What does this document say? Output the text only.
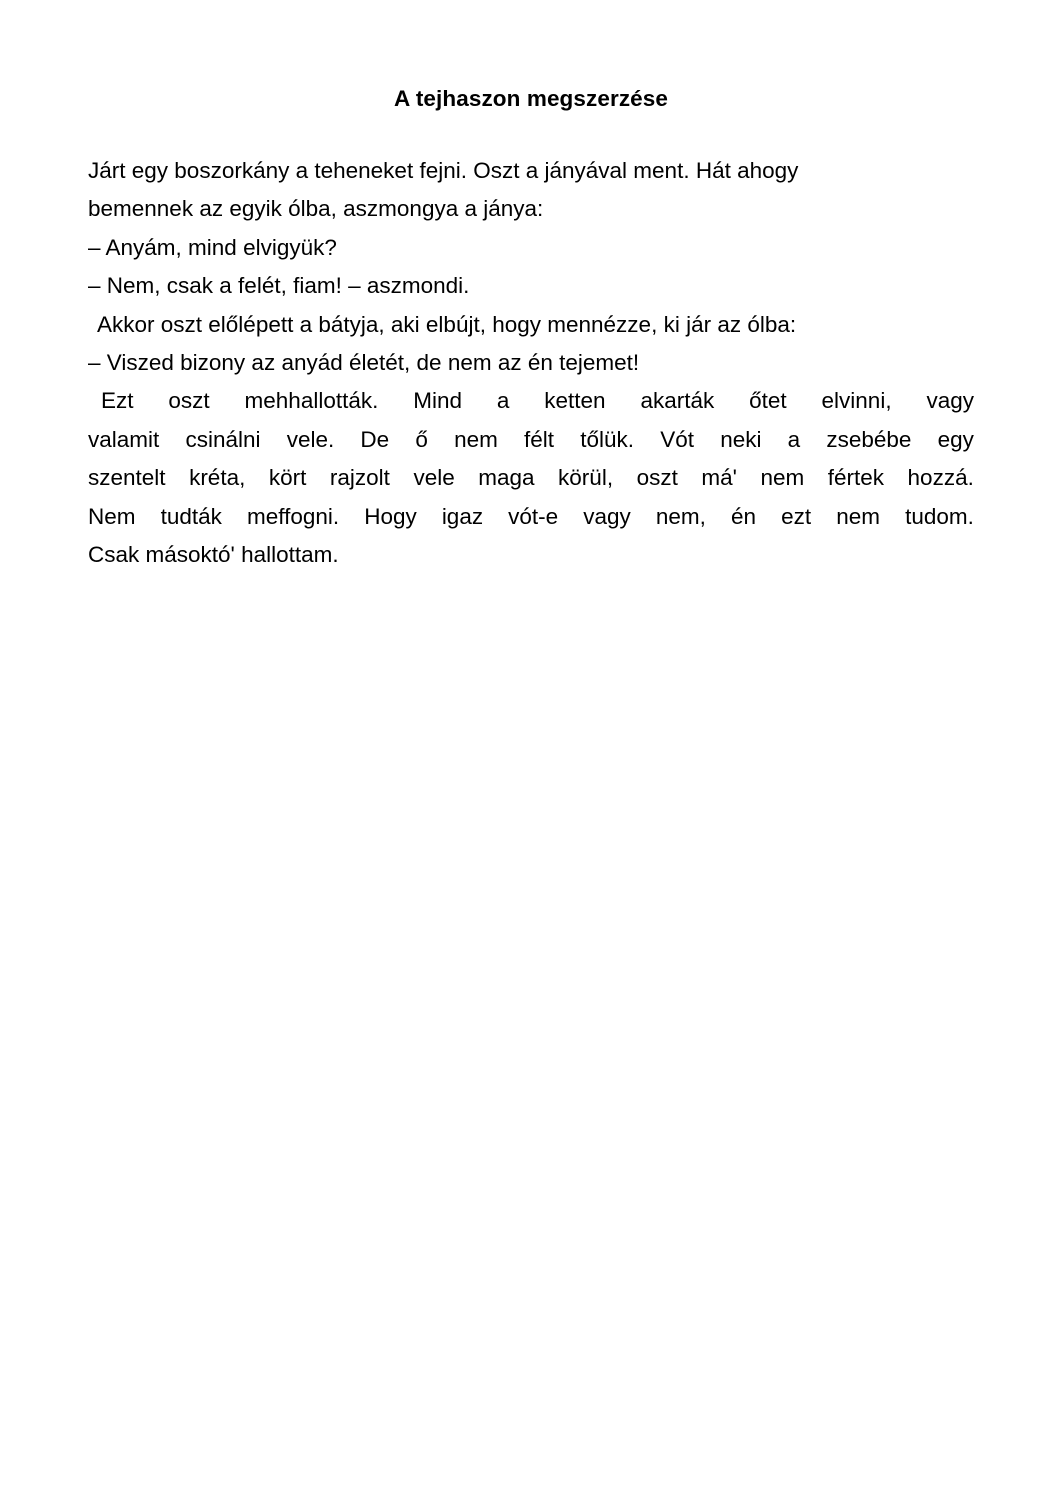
A tejhaszon megszerzése
Járt egy boszorkány a teheneket fejni. Oszt a jányával ment. Hát ahogy
bemennek az egyik ólba, aszmongya a jánya:
– Anyám, mind elvigyük?
– Nem, csak a felét, fiam! – aszmondi.
Akkor oszt előlépett a bátyja, aki elbújt, hogy mennézze, ki jár az ólba:
– Viszed bizony az anyád életét, de nem az én tejemet!
Ezt oszt mehhallották. Mind a ketten akarták őtet elvinni, vagy
valamit csinálni vele. De ő nem félt tőlük. Vót neki a zsebébe egy
szentelt kréta, kört rajzolt vele maga körül, oszt má' nem fértek hozzá.
Nem tudták meffogni. Hogy igaz vót-e vagy nem, én ezt nem tudom.
Csak másoktó' hallottam.
